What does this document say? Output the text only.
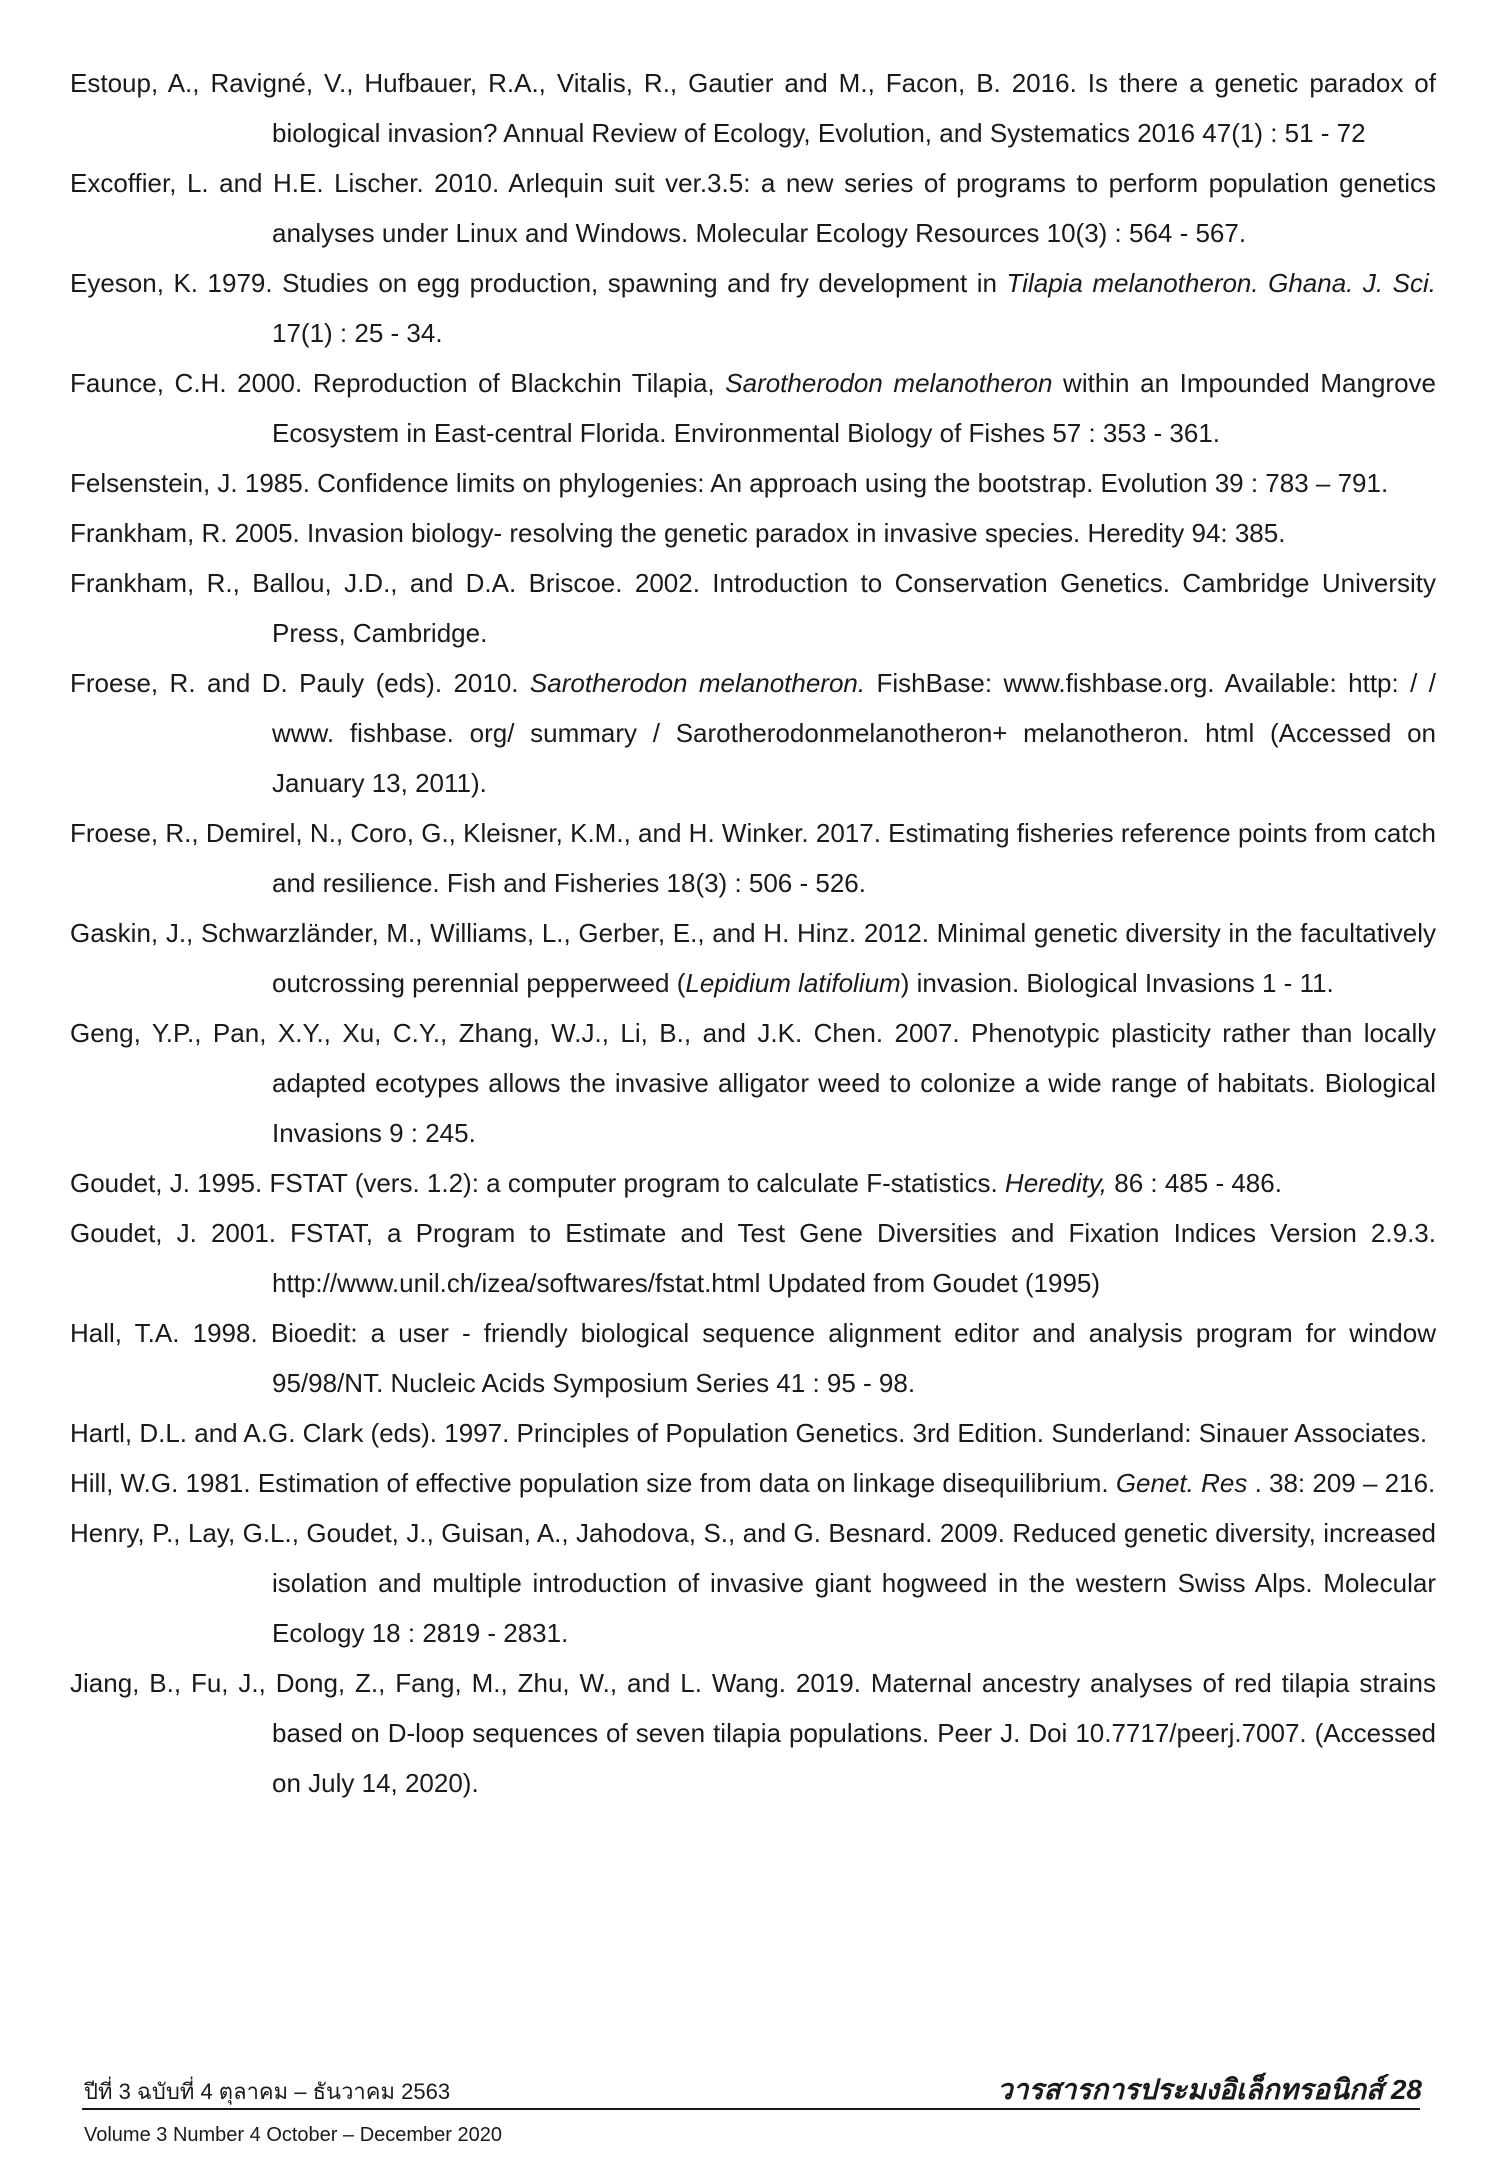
Estoup, A., Ravigné, V., Hufbauer, R.A., Vitalis, R., Gautier and M., Facon, B. 2016. Is there a genetic paradox of biological invasion? Annual Review of Ecology, Evolution, and Systematics 2016 47(1) : 51 - 72
Excoffier, L. and H.E. Lischer. 2010. Arlequin suit ver.3.5: a new series of programs to perform population genetics analyses under Linux and Windows. Molecular Ecology Resources 10(3) : 564 - 567.
Eyeson, K. 1979. Studies on egg production, spawning and fry development in Tilapia melanotheron. Ghana. J. Sci. 17(1) : 25 - 34.
Faunce, C.H. 2000. Reproduction of Blackchin Tilapia, Sarotherodon melanotheron within an Impounded Mangrove Ecosystem in East-central Florida. Environmental Biology of Fishes 57 : 353 - 361.
Felsenstein, J. 1985. Confidence limits on phylogenies: An approach using the bootstrap. Evolution 39 : 783 – 791.
Frankham, R. 2005. Invasion biology- resolving the genetic paradox in invasive species. Heredity 94: 385.
Frankham, R., Ballou, J.D., and D.A. Briscoe. 2002. Introduction to Conservation Genetics. Cambridge University Press, Cambridge.
Froese, R. and D. Pauly (eds). 2010. Sarotherodon melanotheron. FishBase: www.fishbase.org. Available: http: / / www. fishbase. org/ summary / Sarotherodonmelanotheron+ melanotheron. html (Accessed on January 13, 2011).
Froese, R., Demirel, N., Coro, G., Kleisner, K.M., and H. Winker. 2017. Estimating fisheries reference points from catch and resilience. Fish and Fisheries 18(3) : 506 - 526.
Gaskin, J., Schwarzländer, M., Williams, L., Gerber, E., and H. Hinz. 2012. Minimal genetic diversity in the facultatively outcrossing perennial pepperweed (Lepidium latifolium) invasion. Biological Invasions 1 - 11.
Geng, Y.P., Pan, X.Y., Xu, C.Y., Zhang, W.J., Li, B., and J.K. Chen. 2007. Phenotypic plasticity rather than locally adapted ecotypes allows the invasive alligator weed to colonize a wide range of habitats. Biological Invasions 9 : 245.
Goudet, J. 1995. FSTAT (vers. 1.2): a computer program to calculate F-statistics. Heredity, 86 : 485 - 486.
Goudet, J. 2001. FSTAT, a Program to Estimate and Test Gene Diversities and Fixation Indices Version 2.9.3. http://www.unil.ch/izea/softwares/fstat.html Updated from Goudet (1995)
Hall, T.A. 1998. Bioedit: a user - friendly biological sequence alignment editor and analysis program for window 95/98/NT. Nucleic Acids Symposium Series 41 : 95 - 98.
Hartl, D.L. and A.G. Clark (eds). 1997. Principles of Population Genetics. 3rd Edition. Sunderland: Sinauer Associates.
Hill, W.G. 1981. Estimation of effective population size from data on linkage disequilibrium. Genet. Res . 38: 209 – 216.
Henry, P., Lay, G.L., Goudet, J., Guisan, A., Jahodova, S., and G. Besnard. 2009. Reduced genetic diversity, increased isolation and multiple introduction of invasive giant hogweed in the western Swiss Alps. Molecular Ecology 18 : 2819 - 2831.
Jiang, B., Fu, J., Dong, Z., Fang, M., Zhu, W., and L. Wang. 2019. Maternal ancestry analyses of red tilapia strains based on D-loop sequences of seven tilapia populations. Peer J. Doi 10.7717/peerj.7007. (Accessed on July 14, 2020).
ปีที่ 3 ฉบับที่ 4 ตุลาคม – ธันวาคม 2563	วารสารการประมงอิเล็กทรอนิกส์ 28
Volume 3 Number 4 October – December 2020
